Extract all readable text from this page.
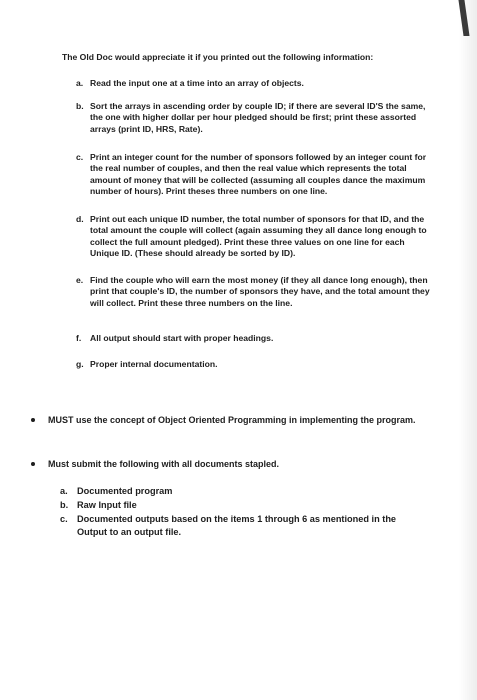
The Old Doc would appreciate it if you printed out the following information:
a. Read the input one at a time into an array of objects.
b. Sort the arrays in ascending order by couple ID; if there are several ID'S the same, the one with higher dollar per hour pledged should be first; print these assorted arrays (print ID, HRS, Rate).
c. Print an integer count for the number of sponsors followed by an integer count for the real number of couples, and then the real value which represents the total amount of money that will be collected (assuming all couples dance the maximum number of hours). Print theses three numbers on one line.
d. Print out each unique ID number, the total number of sponsors for that ID, and the total amount the couple will collect (again assuming they all dance long enough to collect the full amount pledged). Print these three values on one line for each Unique ID. (These should already be sorted by ID).
e. Find the couple who will earn the most money (if they all dance long enough), then print that couple's ID, the number of sponsors they have, and the total amount they will collect. Print these three numbers on the line.
f.	All output should start with proper headings.
g. Proper internal documentation.
MUST use the concept of Object Oriented Programming in implementing the program.
Must submit the following with all documents stapled.
a. Documented program
b. Raw Input file
c. Documented outputs based on the items 1 through 6 as mentioned in the Output to an output file.
